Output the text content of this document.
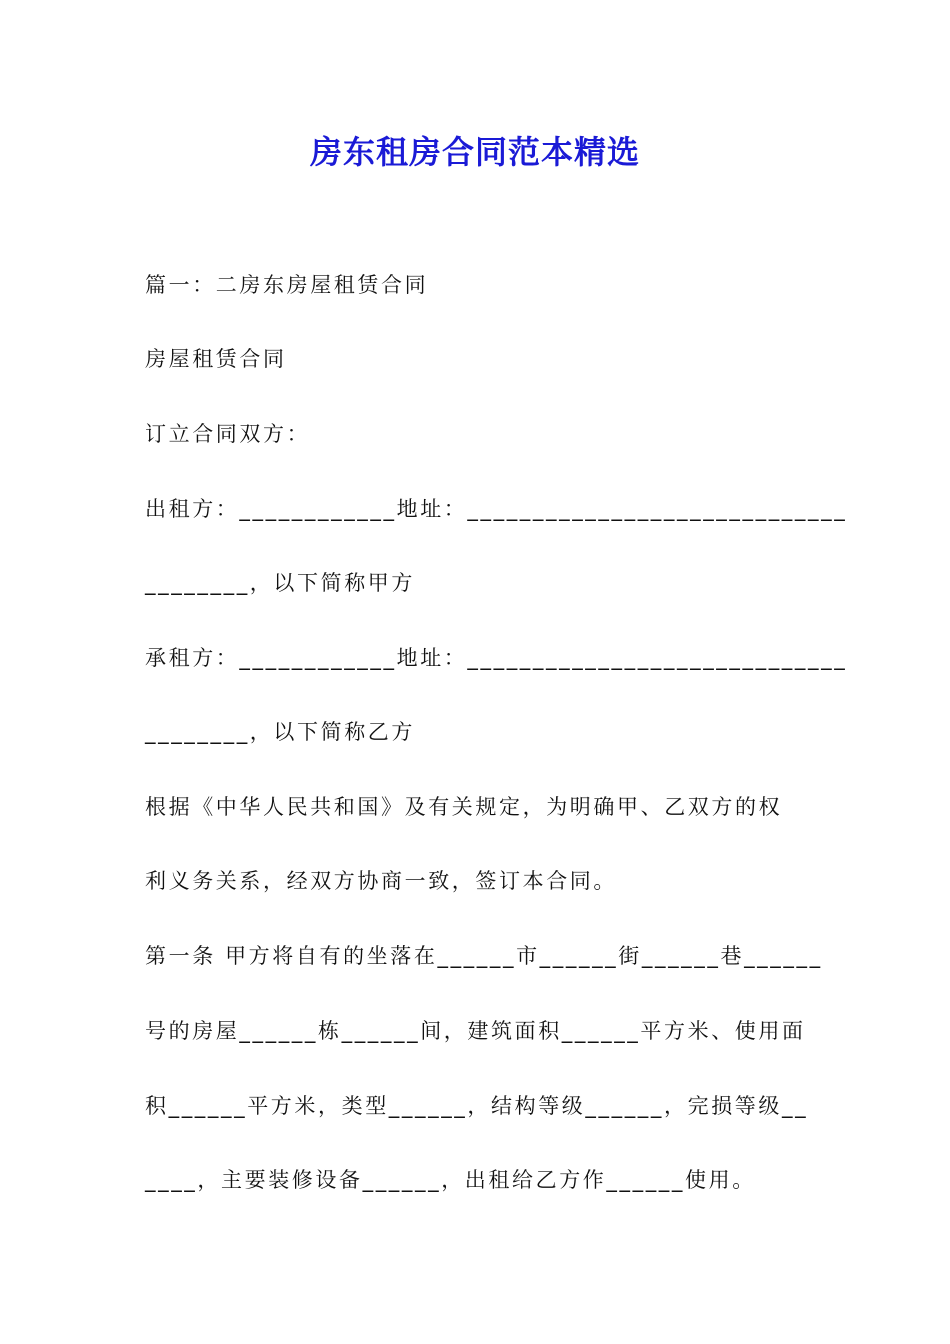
房东租房合同范本精选
篇一：二房东房屋租赁合同
房屋租赁合同
订立合同双方：
出租方：____________地址：_____________________________
________，以下简称甲方
承租方：____________地址：_____________________________
________，以下简称乙方
根据《中华人民共和国》及有关规定，为明确甲、乙双方的权
利义务关系，经双方协商一致，签订本合同。
第一条 甲方将自有的坐落在______市______街______巷______
号的房屋______栋______间，建筑面积______平方米、使用面
积______平方米，类型______，结构等级______，完损等级__
____，主要装修设备______，出租给乙方作______使用。
